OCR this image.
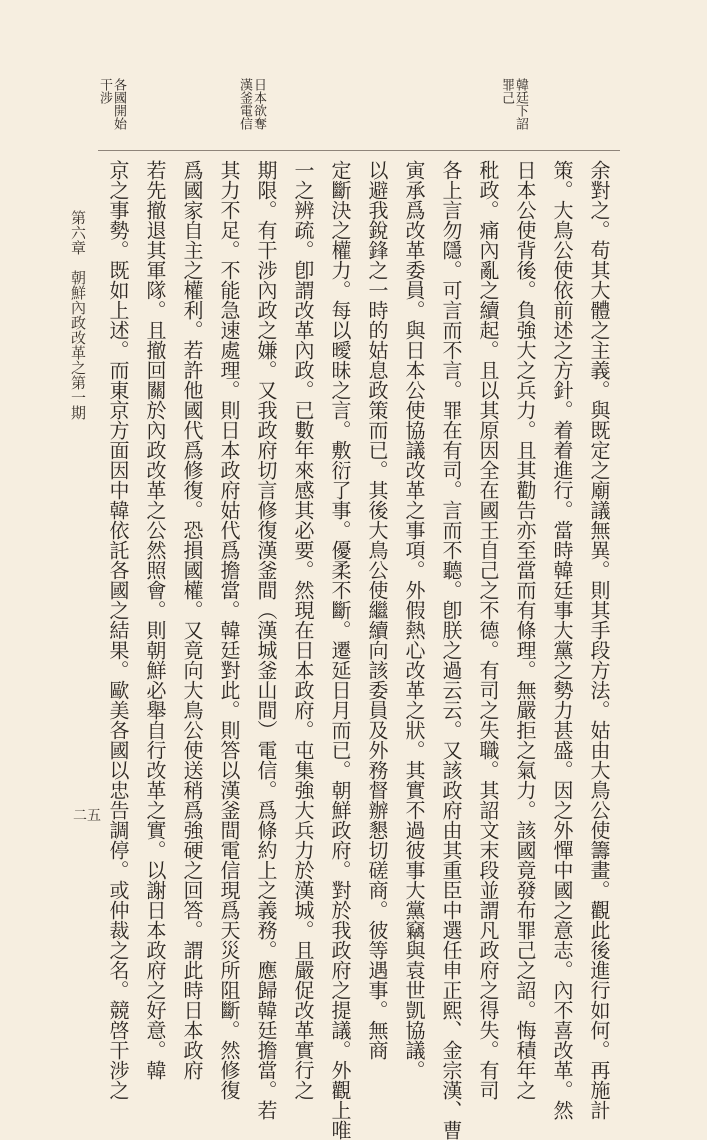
韓廷下詔
罪己
日本欲奪
漢釜電信
各國開始
干涉
余對之。苟其大體之主義。與既定之廟議無異。則其手段方法。姑由大鳥公使籌畫。觀此後進行如何。再施計
策。大鳥公使依前述之方針。着着進行。當時韓廷事大黨之勢力甚盛。因之外憚中國之意志。內不喜改革。然
日本公使背後。負強大之兵力。且其勸告亦至當而有條理。無嚴拒之氣力。該國竟發布罪己之詔。悔積年之
秕政。痛內亂之續起。且以其原因全在國王自己之不德。有司之失職。其詔文末段並謂凡政府之得失。有司
各上言勿隱。可言而不言。罪在有司。言而不聽。卽朕之過云云。又該政府由其重臣中選任申正熙、金宗漢、曹
寅承爲改革委員。與日本公使協議改革之事項。外假熱心改革之狀。其實不過彼事大黨竊與袁世凱協議。
以避我銳鋒之一時的姑息政策而已。其後大鳥公使繼續向該委員及外務督辦懇切磋商。彼等遇事。無商
定斷決之權力。每以曖昧之言。敷衍了事。優柔不斷。遷延日月而已。朝鮮政府。對於我政府之提議。外觀上唯
一之辨疏。卽謂改革內政。已數年來感其必要。然現在日本政府。屯集強大兵力於漢城。且嚴促改革實行之
期限。有干涉內政之嫌。又我政府切言修復漢釜間（漢城釜山間）電信。爲條約上之義務。應歸韓廷擔當。若
其力不足。不能急速處理。則日本政府姑代爲擔當。韓廷對此。則答以漢釜間電信現爲天災所阻斷。然修復
爲國家自主之權利。若許他國代爲修復。恐損國權。又竟向大鳥公使送稍爲強硬之回答。謂此時日本政府
若先撤退其軍隊。且撤回關於內政改革之公然照會。則朝鮮必舉自行改革之實。以謝日本政府之好意。韓
京之事勢。既如上述。而東京方面因中韓依託各國之結果。歐美各國以忠告調停。或仲裁之名。競啓干涉之
第六章　朝鮮內政改革之第一期
二五
